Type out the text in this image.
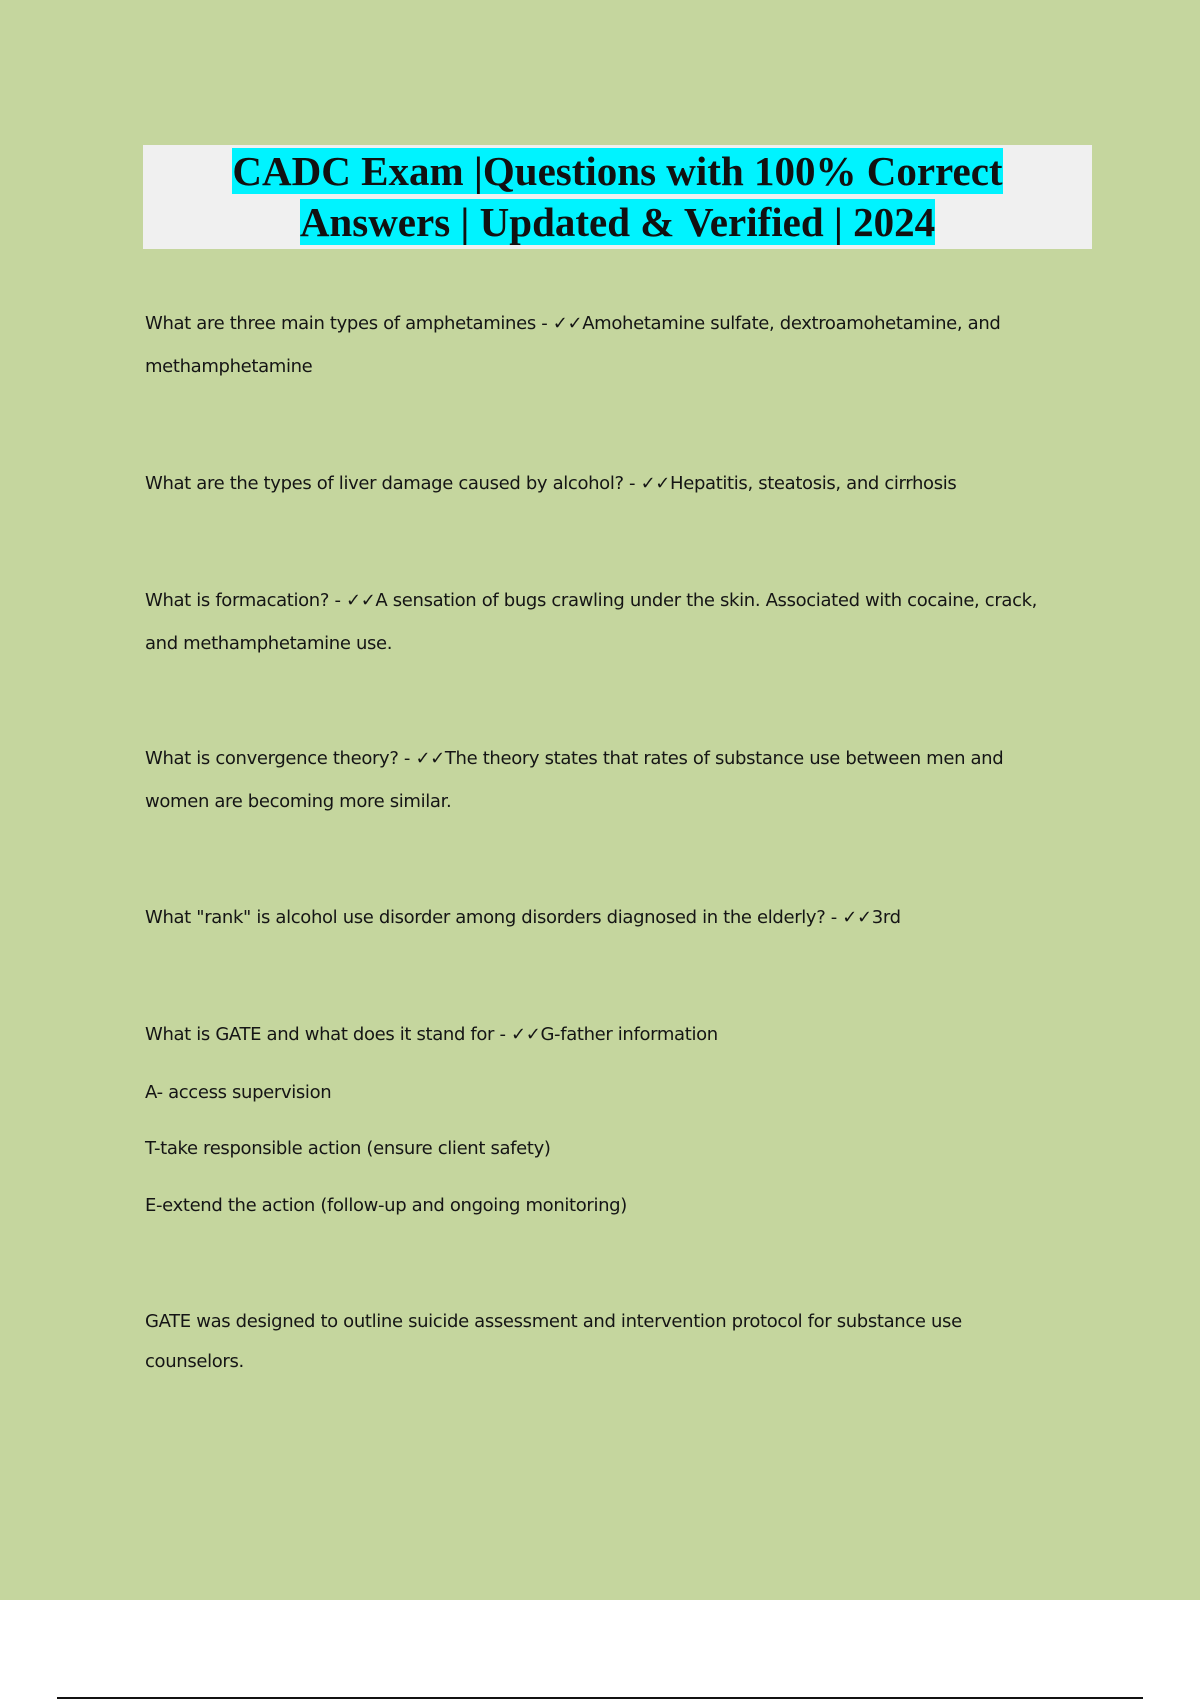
CADC Exam |Questions with 100% Correct
Answers | Updated & Verified | 2024
What are three main types of amphetamines - ✓✓Amohetamine sulfate, dextroamohetamine, and
methamphetamine
What are the types of liver damage caused by alcohol? - ✓✓Hepatitis, steatosis, and cirrhosis
What is formacation? - ✓✓A sensation of bugs crawling under the skin. Associated with cocaine, crack,
and methamphetamine use.
What is convergence theory? - ✓✓The theory states that rates of substance use between men and
women are becoming more similar.
What "rank" is alcohol use disorder among disorders diagnosed in the elderly? - ✓✓3rd
What is GATE and what does it stand for - ✓✓G-father information
A- access supervision
T-take responsible action (ensure client safety)
E-extend the action (follow-up and ongoing monitoring)
GATE was designed to outline suicide assessment and intervention protocol for substance use
counselors.
